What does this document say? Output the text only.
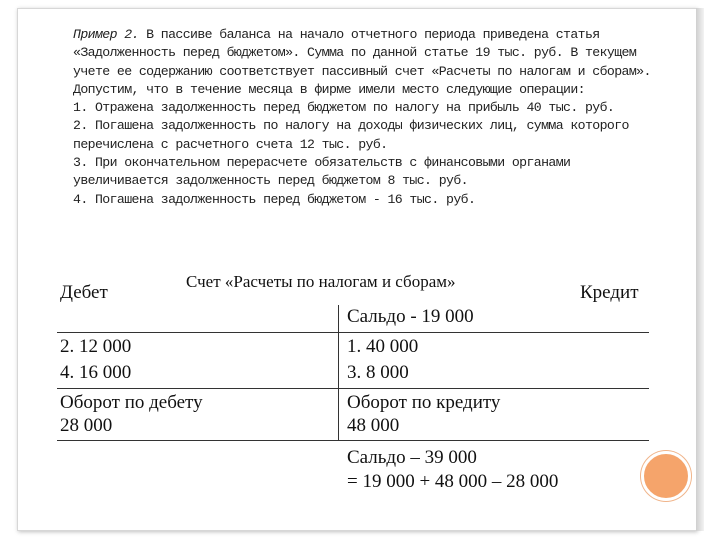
Пример 2. В пассиве баланса на начало отчетного периода приведена статья «Задолженность перед бюджетом». Сумма по данной статье 19 тыс. руб. В текущем учете ее содержанию соответствует пассивный счет «Расчеты по налогам и сборам». Допустим, что в течение месяца в фирме имели место следующие операции:

1. Отражена задолженность перед бюджетом по налогу на прибыль 40 тыс. руб.

2. Погашена задолженность по налогу на доходы физических лиц, сумма которого перечислена с расчетного счета 12 тыс. руб.

3. При окончательном перерасчете обязательств с финансовыми органами увеличивается задолженность перед бюджетом 8 тыс. руб.

4. Погашена задолженность перед бюджетом - 16 тыс. руб.

Счет «Расчеты по налогам и сборам»
Дебет	Кредит
Сальдо - 19 000
2. 12 000
4. 16 000
1. 40 000
3. 8 000
Оборот по дебету
28 000
Оборот по кредиту
48 000
Сальдо – 39 000
= 19 000 + 48 000 – 28 000
